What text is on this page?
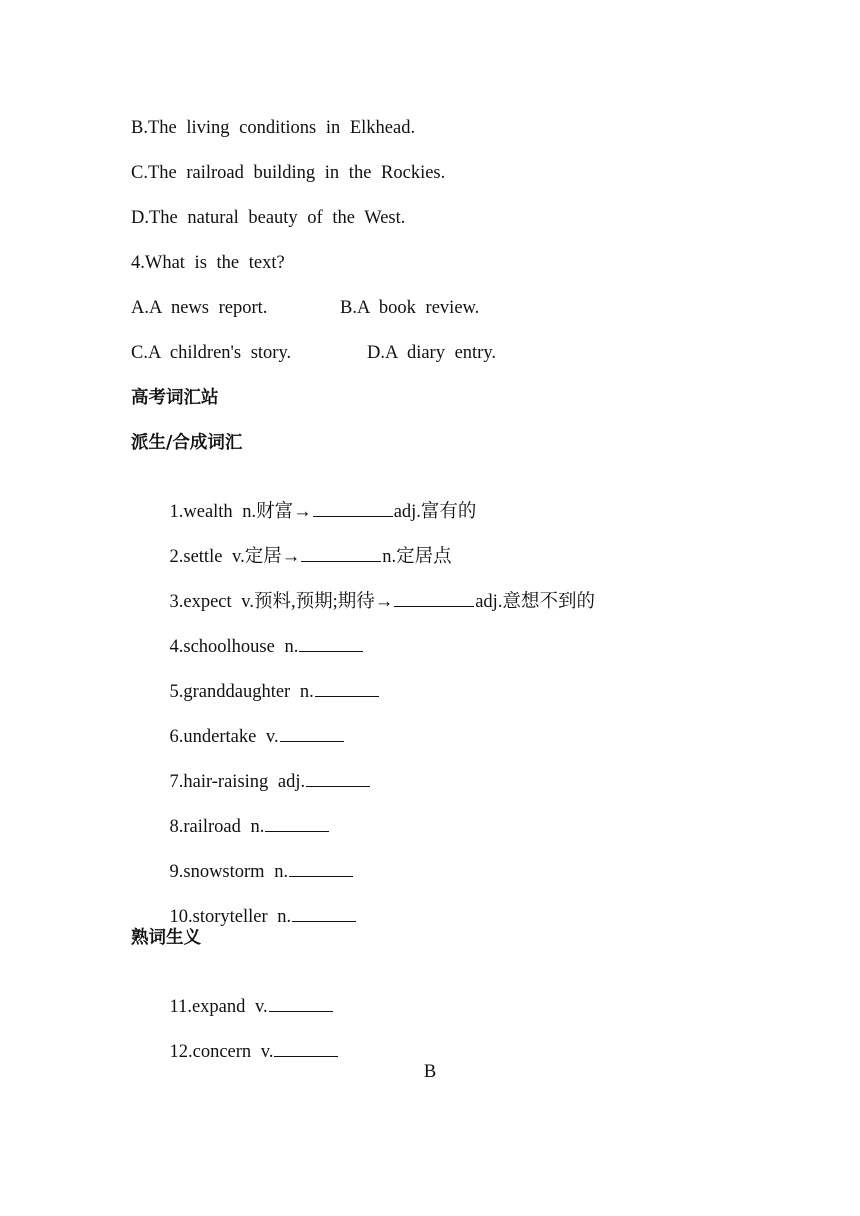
B.The living conditions in Elkhead.
C.The railroad building in the Rockies.
D.The natural beauty of the West.
4.What is the text?
A.A news report.	B.A book review.
C.A children's story.	D.A diary entry.
高考词汇站
派生/合成词汇

1.wealth n.财富→	adj.富有的

2.settle v.定居→	n.定居点

3.expect v.预料,预期;期待→	adj.意想不到的

4.schoolhouse n.

5.granddaughter n.

6.undertake v.

7.hair-raising adj.

8.railroad n.

9.snowstorm n.

10.storyteller n.

熟词生义

11.expand v.

12.concern v.

B
